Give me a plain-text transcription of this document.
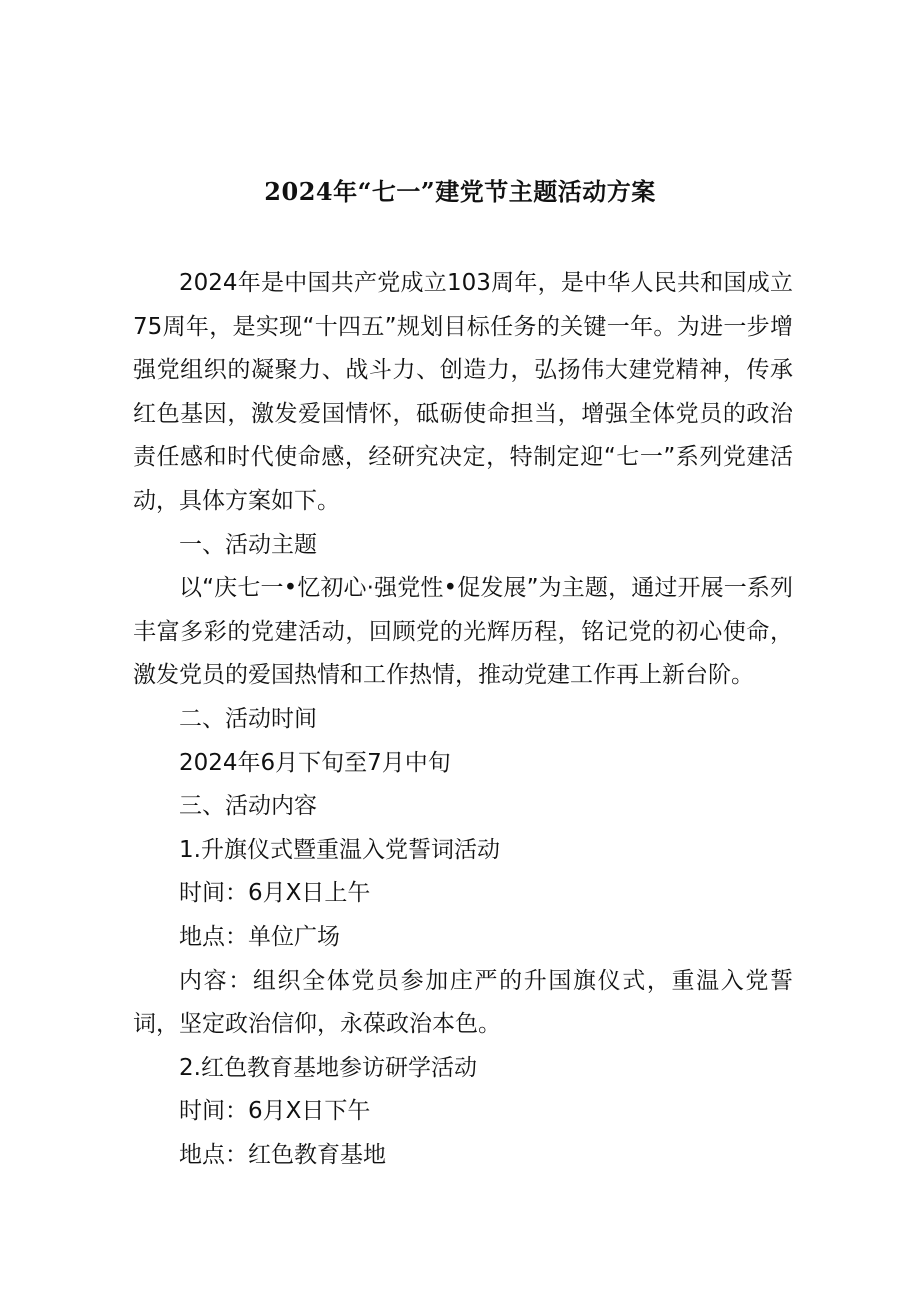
2024年“七一”建党节主题活动方案

2024年是中国共产党成立103周年，是中华人民共和国成立75周年，是实现“十四五”规划目标任务的关键一年。为进一步增强党组织的凝聚力、战斗力、创造力，弘扬伟大建党精神，传承红色基因，激发爱国情怀，砥砺使命担当，增强全体党员的政治责任感和时代使命感，经研究决定，特制定迎“七一”系列党建活动，具体方案如下。

一、活动主题

以“庆七一•忆初心·强党性•促发展”为主题，通过开展一系列丰富多彩的党建活动，回顾党的光辉历程，铭记党的初心使命，激发党员的爱国热情和工作热情，推动党建工作再上新台阶。

二、活动时间

2024年6月下旬至7月中旬

三、活动内容

1.升旗仪式暨重温入党誓词活动

时间：6月X日上午

地点：单位广场

内容：组织全体党员参加庄严的升国旗仪式，重温入党誓词，坚定政治信仰，永葆政治本色。

2.红色教育基地参访研学活动

时间：6月X日下午

地点：红色教育基地
